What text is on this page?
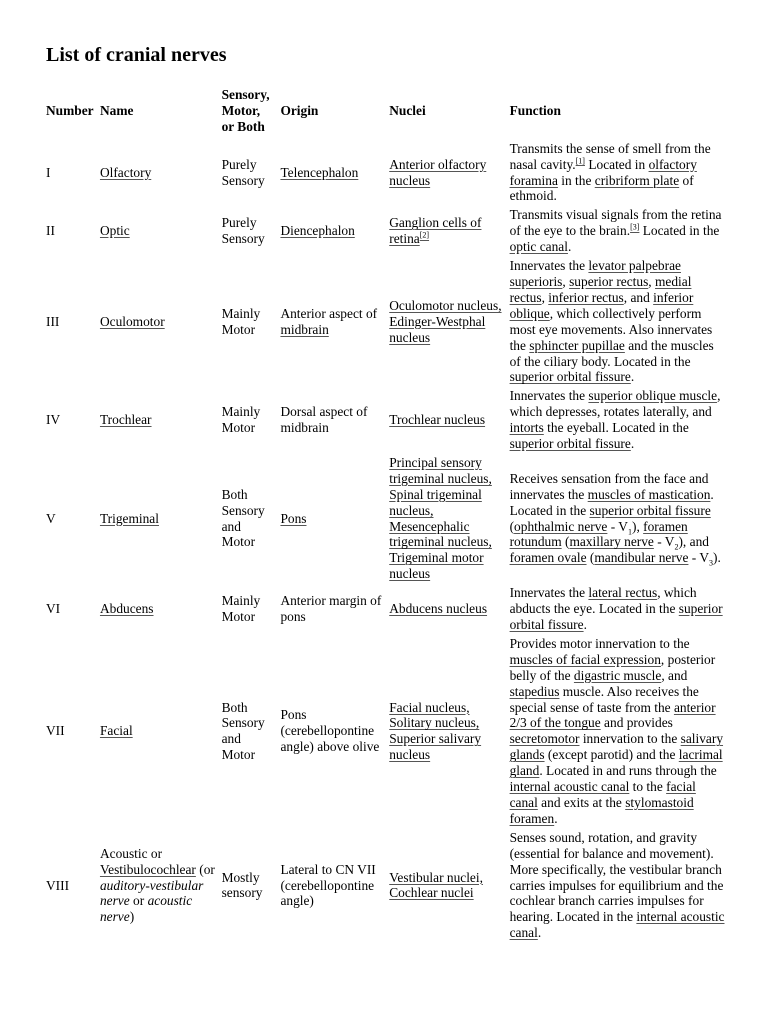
List of cranial nerves
Number	Name	Sensory,
Motor,
or Both	Origin	Nuclei	Function
I	Olfactory	Purely Sensory	Telencephalon	Anterior olfactory nucleus	Transmits the sense of smell from the nasal cavity.[1] Located in olfactory foramina in the cribriform plate of ethmoid.
II	Optic	Purely Sensory	Diencephalon	Ganglion cells of retina[2]	Transmits visual signals from the retina of the eye to the brain.[3] Located in the optic canal.
III	Oculomotor	Mainly Motor	Anterior aspect of midbrain	Oculomotor nucleus, Edinger-Westphal nucleus	Innervates the levator palpebrae superioris, superior rectus, medial rectus, inferior rectus, and inferior oblique, which collectively perform most eye movements. Also innervates the sphincter pupillae and the muscles of the ciliary body. Located in the superior orbital fissure.
IV	Trochlear	Mainly Motor	Dorsal aspect of midbrain	Trochlear nucleus	Innervates the superior oblique muscle, which depresses, rotates laterally, and intorts the eyeball. Located in the superior orbital fissure.
V	Trigeminal	Both Sensory and Motor	Pons	Principal sensory trigeminal nucleus, Spinal trigeminal nucleus, Mesencephalic trigeminal nucleus, Trigeminal motor nucleus	Receives sensation from the face and innervates the muscles of mastication. Located in the superior orbital fissure (ophthalmic nerve - $V_1$), foramen rotundum (maxillary nerve - $V_2$), and foramen ovale (mandibular nerve - $V_3$).
VI	Abducens	Mainly Motor	Anterior margin of pons	Abducens nucleus	Innervates the lateral rectus, which abducts the eye. Located in the superior orbital fissure.
VII	Facial	Both Sensory and Motor	Pons (cerebellopontine angle) above olive	Facial nucleus, Solitary nucleus, Superior salivary nucleus	Provides motor innervation to the muscles of facial expression, posterior belly of the digastric muscle, and stapedius muscle. Also receives the special sense of taste from the anterior 2/3 of the tongue and provides secretomotor innervation to the salivary glands (except parotid) and the lacrimal gland. Located in and runs through the internal acoustic canal to the facial canal and exits at the stylomastoid foramen.
VIII	Acoustic or Vestibulocochlear (or auditory-vestibular nerve or acoustic nerve)	Mostly sensory	Lateral to CN VII (cerebellopontine angle)	Vestibular nuclei, Cochlear nuclei	Senses sound, rotation, and gravity (essential for balance and movement). More specifically, the vestibular branch carries impulses for equilibrium and the cochlear branch carries impulses for hearing. Located in the internal acoustic canal.
